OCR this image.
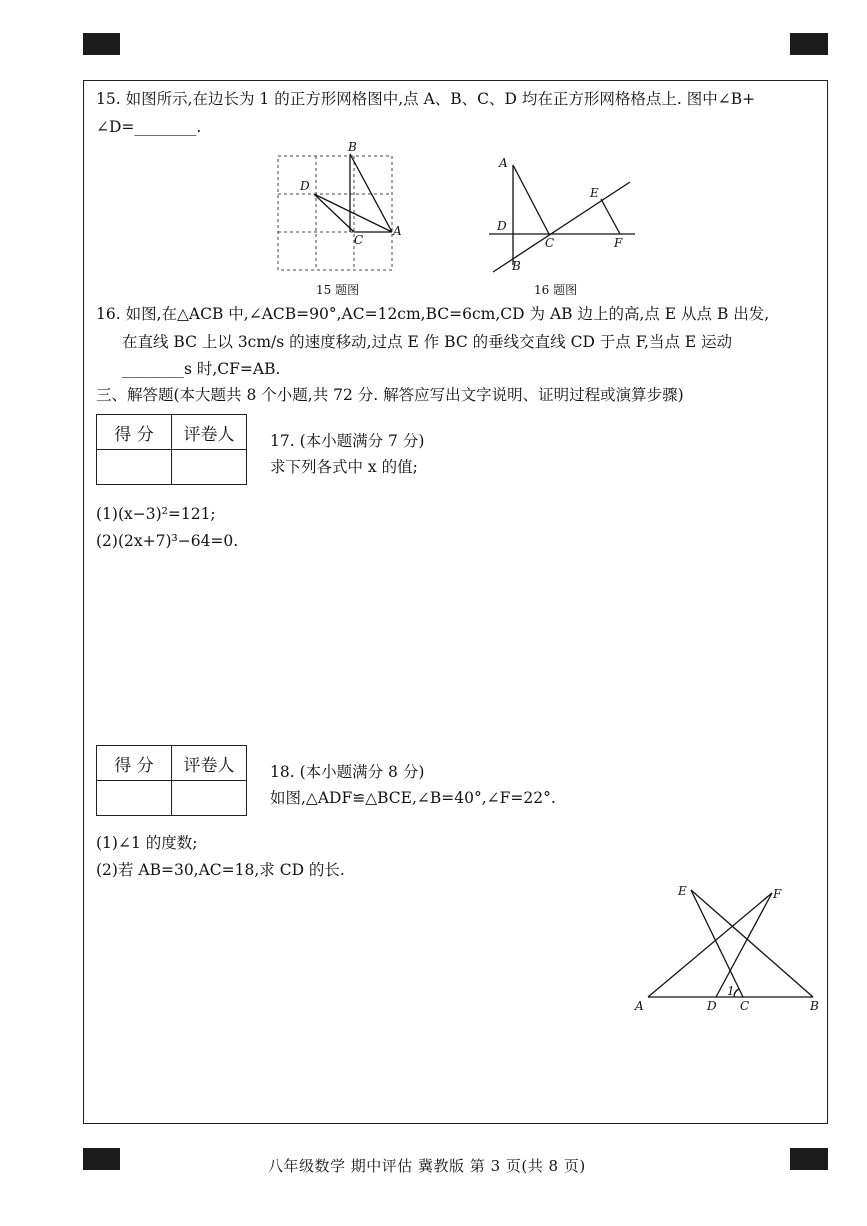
15. 如图所示,在边长为 1 的正方形网格图中,点 A、B、C、D 均在正方形网格格点上. 图中∠B+
∠D=________.
B
D
C
A
15 题图
A
D
B
C
E
F
16 题图
16. 如图,在△ACB 中,∠ACB=90°,AC=12cm,BC=6cm,CD 为 AB 边上的高,点 E 从点 B 出发,
在直线 BC 上以 3cm/s 的速度移动,过点 E 作 BC 的垂线交直线 CD 于点 F,当点 E 运动
________s 时,CF=AB.
三、解答题(本大题共 8 个小题,共 72 分. 解答应写出文字说明、证明过程或演算步骤)
得 分	评卷人
	17. (本小题满分 7 分)
求下列各式中 x 的值;
(1)(x−3)²=121;
(2)(2x+7)³−64=0.
得 分	评卷人
	18. (本小题满分 8 分)
如图,△ADF≌△BCE,∠B=40°,∠F=22°.
(1)∠1 的度数;
(2)若 AB=30,AC=18,求 CD 的长.
E	F
A	D
1
C	B
八年级数学 期中评估 冀教版 第 3 页(共 8 页)
